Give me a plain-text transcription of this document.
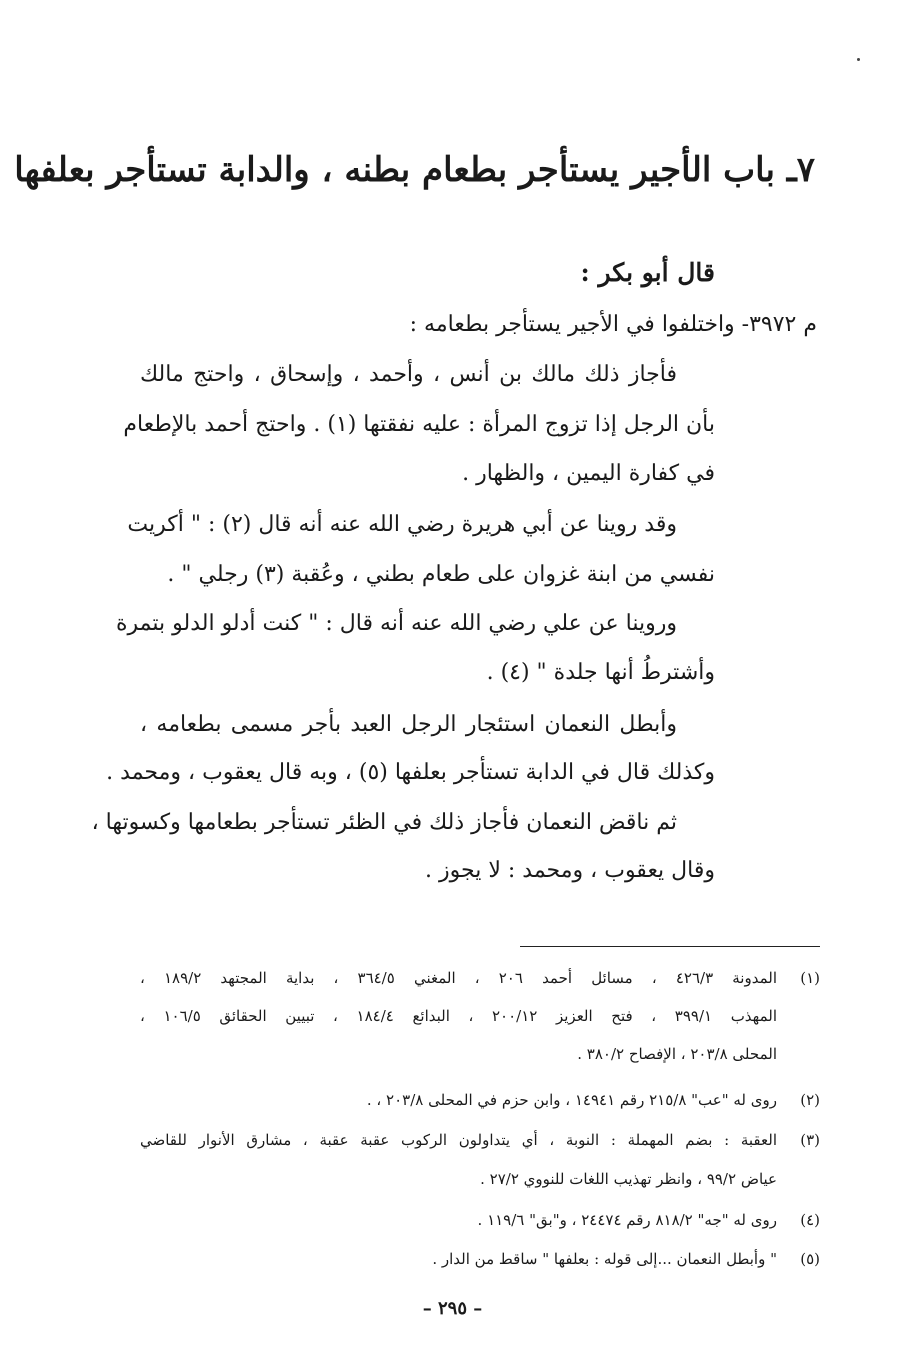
٧ـ باب الأجير يستأجر بطعام بطنه ، والدابة تستأجر بعلفها
قال أبو بكر :
م ٣٩٧٢- واختلفوا في الأجير يستأجر بطعامه :
فأجاز ذلك مالك بن أنس ، وأحمد ، وإسحاق ، واحتج مالك
بأن الرجل إذا تزوج المرأة : عليه نفقتها (١) . واحتج أحمد بالإطعام
في كفارة اليمين ، والظهار .
وقد روينا عن أبي هريرة رضي الله عنه أنه قال (٢) : " أكريت
نفسي من ابنة غزوان على طعام بطني ، وعُقبة (٣) رجلي " .
وروينا عن علي رضي الله عنه أنه قال : " كنت أدلو الدلو بتمرة
وأشترطُ أنها جلدة " (٤) .
وأبطل النعمان استئجار الرجل العبد بأجر مسمى بطعامه ،
وكذلك قال في الدابة تستأجر بعلفها (٥) ، وبه قال يعقوب ، ومحمد .
ثم ناقض النعمان فأجاز ذلك في الظئر تستأجر بطعامها وكسوتها ،
وقال يعقوب ، ومحمد : لا يجوز .
(١)
المدونة ٤٢٦/٣ ، مسائل أحمد ٢٠٦ ، المغني ٣٦٤/٥ ، بداية المجتهد ١٨٩/٢ ،
المهذب ٣٩٩/١ ، فتح العزيز ٢٠٠/١٢ ، البدائع ١٨٤/٤ ، تبيين الحقائق ١٠٦/٥ ،
المحلى ٢٠٣/٨ ، الإفصاح ٣٨٠/٢ .
(٢)
روى له "عب" ٢١٥/٨ رقم ١٤٩٤١ ، وابن حزم في المحلى ٢٠٣/٨ ، .
(٣)
العقبة : بضم المهملة : النوبة ، أي يتداولون الركوب عقبة عقبة ، مشارق الأنوار للقاضي
عياض ٩٩/٢ ، وانظر تهذيب اللغات للنووي ٢٧/٢ .
(٤)
روى له "جه" ٨١٨/٢ رقم ٢٤٤٧٤ ، و"بق" ١١٩/٦ .
(٥)
" وأبطل النعمان ...إلى قوله : بعلفها " ساقط من الدار .
– ٢٩٥ –
